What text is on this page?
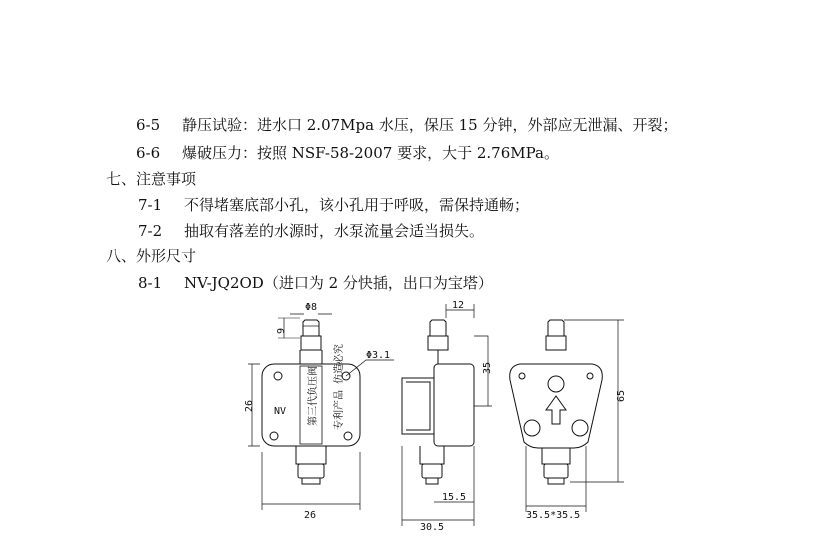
6-5 静压试验：进水口 2.07Mpa 水压，保压 15 分钟，外部应无泄漏、开裂；
6-6 爆破压力：按照 NSF-58-2007 要求，大于 2.76MPa。
七、注意事项
7-1 不得堵塞底部小孔，该小孔用于呼吸，需保持通畅；
7-2 抽取有落差的水源时，水泵流量会适当损失。
八、外形尺寸
8-1 NV-JQ2OD（进口为 2 分快插，出口为宝塔）
Φ8
9
Φ3.1
26
26
第三代负压阀 专利产品 仿造必究
NV
12
35
15.5
30.5
65
35.5*35.5
